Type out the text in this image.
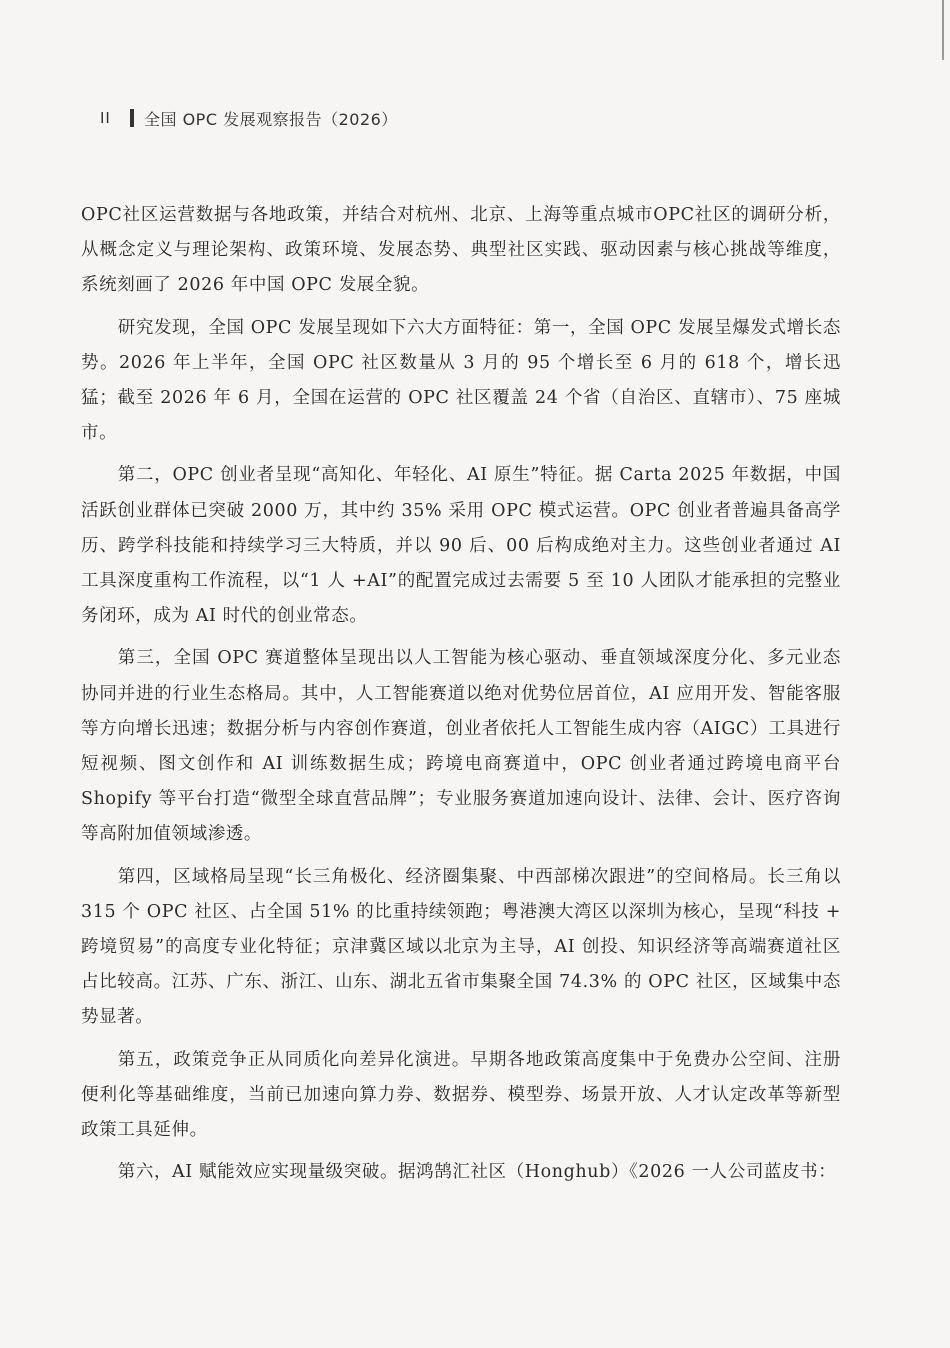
II	全国 OPC 发展观察报告（2026）

OPC社区运营数据与各地政策，并结合对杭州、北京、上海等重点城市OPC社区的调研分析，从概念定义与理论架构、政策环境、发展态势、典型社区实践、驱动因素与核心挑战等维度，系统刻画了 2026 年中国 OPC 发展全貌。

研究发现，全国 OPC 发展呈现如下六大方面特征：第一，全国 OPC 发展呈爆发式增长态势。2026 年上半年，全国 OPC 社区数量从 3 月的 95 个增长至 6 月的 618 个，增长迅猛；截至 2026 年 6 月，全国在运营的 OPC 社区覆盖 24 个省（自治区、直辖市）、75 座城市。

第二，OPC 创业者呈现“高知化、年轻化、AI 原生”特征。据 Carta 2025 年数据，中国活跃创业群体已突破 2000 万，其中约 35% 采用 OPC 模式运营。OPC 创业者普遍具备高学历、跨学科技能和持续学习三大特质，并以 90 后、00 后构成绝对主力。这些创业者通过 AI 工具深度重构工作流程，以“1 人 +AI”的配置完成过去需要 5 至 10 人团队才能承担的完整业务闭环，成为 AI 时代的创业常态。

第三，全国 OPC 赛道整体呈现出以人工智能为核心驱动、垂直领域深度分化、多元业态协同并进的行业生态格局。其中，人工智能赛道以绝对优势位居首位，AI 应用开发、智能客服等方向增长迅速；数据分析与内容创作赛道，创业者依托人工智能生成内容（AIGC）工具进行短视频、图文创作和 AI 训练数据生成；跨境电商赛道中，OPC 创业者通过跨境电商平台 Shopify 等平台打造“微型全球直营品牌”；专业服务赛道加速向设计、法律、会计、医疗咨询等高附加值领域渗透。

第四，区域格局呈现“长三角极化、经济圈集聚、中西部梯次跟进”的空间格局。长三角以 315 个 OPC 社区、占全国 51% 的比重持续领跑；粤港澳大湾区以深圳为核心，呈现“科技 + 跨境贸易”的高度专业化特征；京津冀区域以北京为主导，AI 创投、知识经济等高端赛道社区占比较高。江苏、广东、浙江、山东、湖北五省市集聚全国 74.3% 的 OPC 社区，区域集中态势显著。

第五，政策竞争正从同质化向差异化演进。早期各地政策高度集中于免费办公空间、注册便利化等基础维度，当前已加速向算力券、数据券、模型券、场景开放、人才认定改革等新型政策工具延伸。

第六，AI 赋能效应实现量级突破。据鸿鹄汇社区（Honghub）《2026 一人公司蓝皮书：
